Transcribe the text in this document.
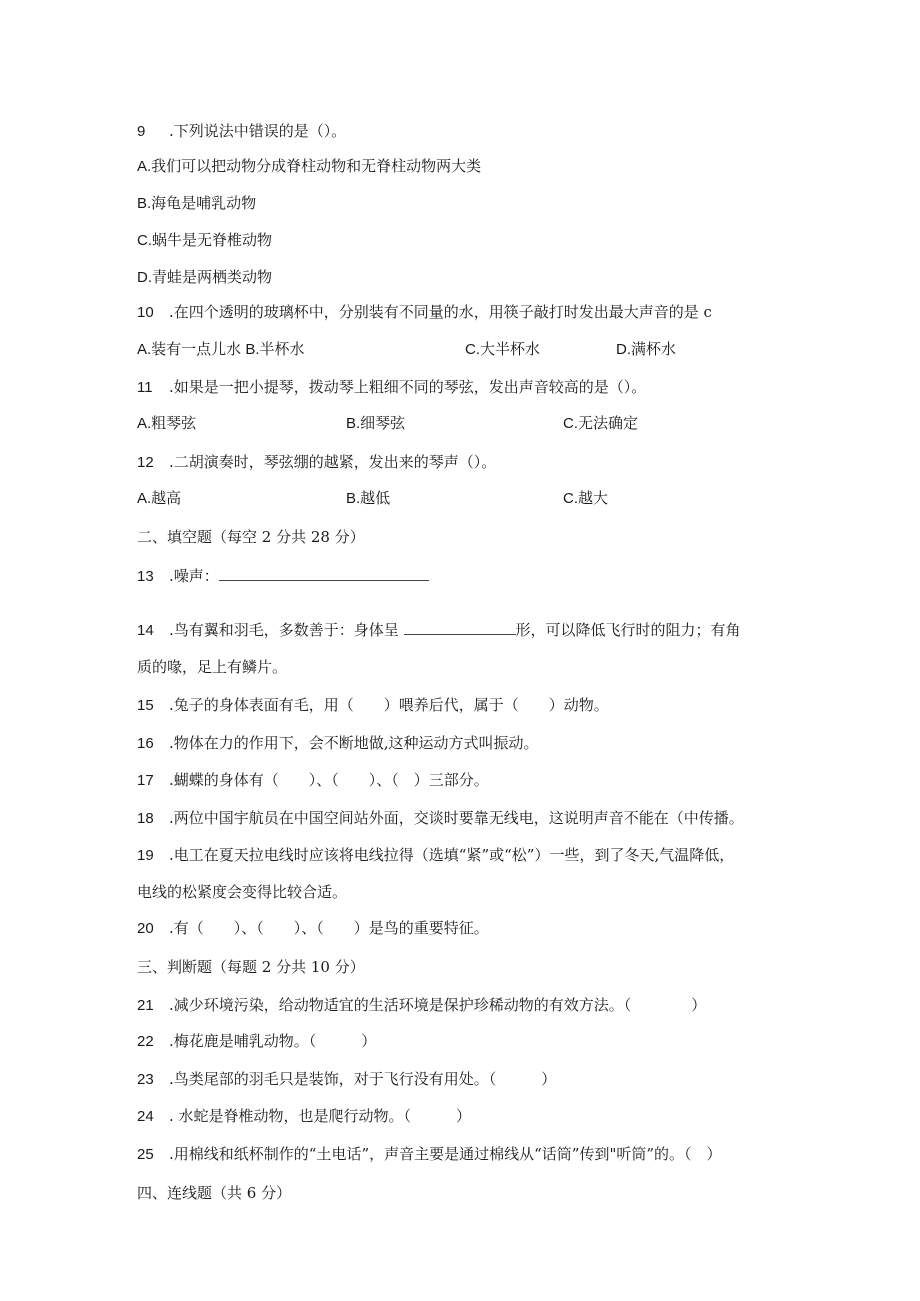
9 .下列说法中错误的是（）。
A.我们可以把动物分成脊柱动物和无脊柱动物两大类
B.海龟是哺乳动物
C.蜗牛是无脊椎动物
D.青蛙是两栖类动物
10 .在四个透明的玻璃杯中，分别装有不同量的水，用筷子敲打时发出最大声音的是 c
A.装有一点儿水 B.半杯水	C.大半杯水	D.满杯水
11 .如果是一把小提琴，拨动琴上粗细不同的琴弦，发出声音较高的是（）。
A.粗琴弦	B.细琴弦	C.无法确定
12 .二胡演奏时，琴弦绷的越紧，发出来的琴声（）。
A.越高	B.越低	C.越大
二、填空题（每空 2 分共 28 分）
13 .噪声：
14 .鸟有翼和羽毛，多数善于：身体呈	形，可以降低飞行时的阻力；有角
质的喙，足上有鳞片。
15 .兔子的身体表面有毛，用（　　）喂养后代，属于（　　）动物。
16 .物体在力的作用下，会不断地做,这种运动方式叫振动。
17 .蝴蝶的身体有（　　）、（　　）、（　）三部分。
18 .两位中国宇航员在中国空间站外面，交谈时要靠无线电，这说明声音不能在（中传播。
19 .电工在夏天拉电线时应该将电线拉得（选填“紧”或“松”）一些，到了冬天,气温降低，
电线的松紧度会变得比较合适。
20 .有（　　）、（　　）、（　　）是鸟的重要特征。
三、判断题（每题 2 分共 10 分）
21 .减少环境污染，给动物适宜的生活环境是保护珍稀动物的有效方法。（　　　　）
22 .梅花鹿是哺乳动物。（　　　）
23 .鸟类尾部的羽毛只是装饰，对于飞行没有用处。（　　　）
24 . 水蛇是脊椎动物，也是爬行动物。（　　　）
25 .用棉线和纸杯制作的“土电话”，声音主要是通过棉线从“话筒”传到"听筒”的。（　）
四、连线题（共 6 分）
